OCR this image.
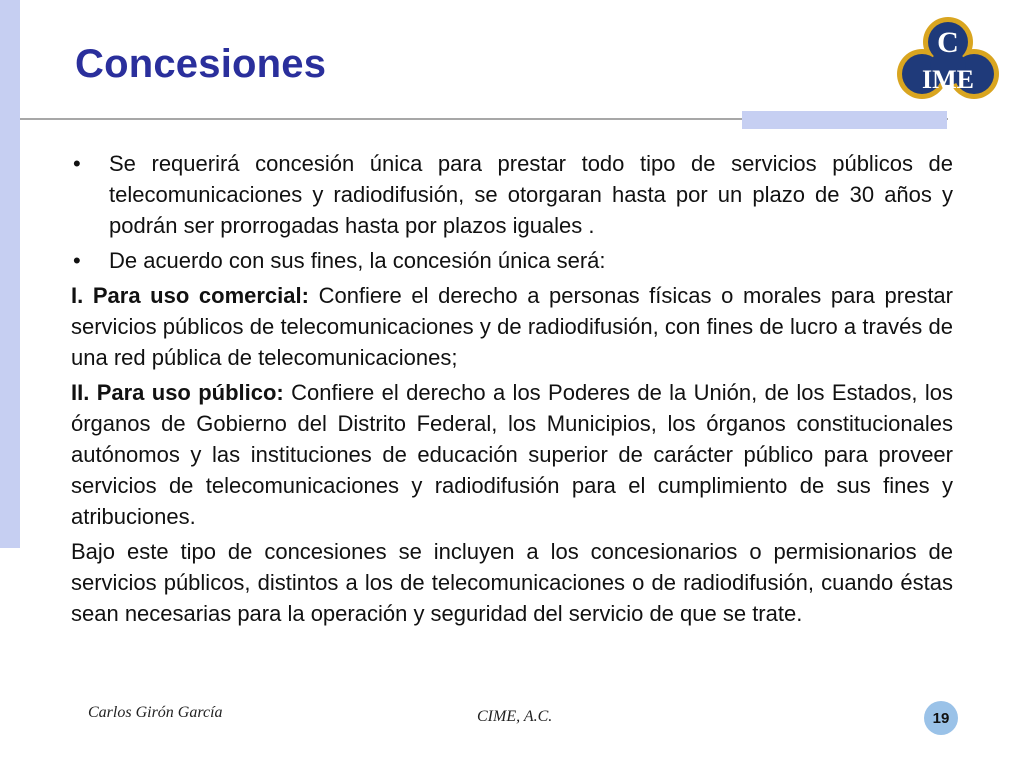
Concesiones	C
IME

• Se requerirá concesión única para prestar todo tipo de servicios públicos de telecomunicaciones y radiodifusión, se otorgaran hasta por un plazo de 30 años y podrán ser prorrogadas hasta por plazos iguales .

• De acuerdo con sus fines, la concesión única será:

I. Para uso comercial: Confiere el derecho a personas físicas o morales para prestar servicios públicos de telecomunicaciones y de radiodifusión, con fines de lucro a través de una red pública de telecomunicaciones;

II. Para uso público: Confiere el derecho a los Poderes de la Unión, de los Estados, los órganos de Gobierno del Distrito Federal, los Municipios, los órganos constitucionales autónomos y las instituciones de educación superior de carácter público para proveer servicios de telecomunicaciones y radiodifusión para el cumplimiento de sus fines y atribuciones.

Bajo este tipo de concesiones se incluyen a los concesionarios o permisionarios de servicios públicos, distintos a los de telecomunicaciones o de radiodifusión, cuando éstas sean necesarias para la operación y seguridad del servicio de que se trate.

Carlos Girón García	CIME, A.C.	19
